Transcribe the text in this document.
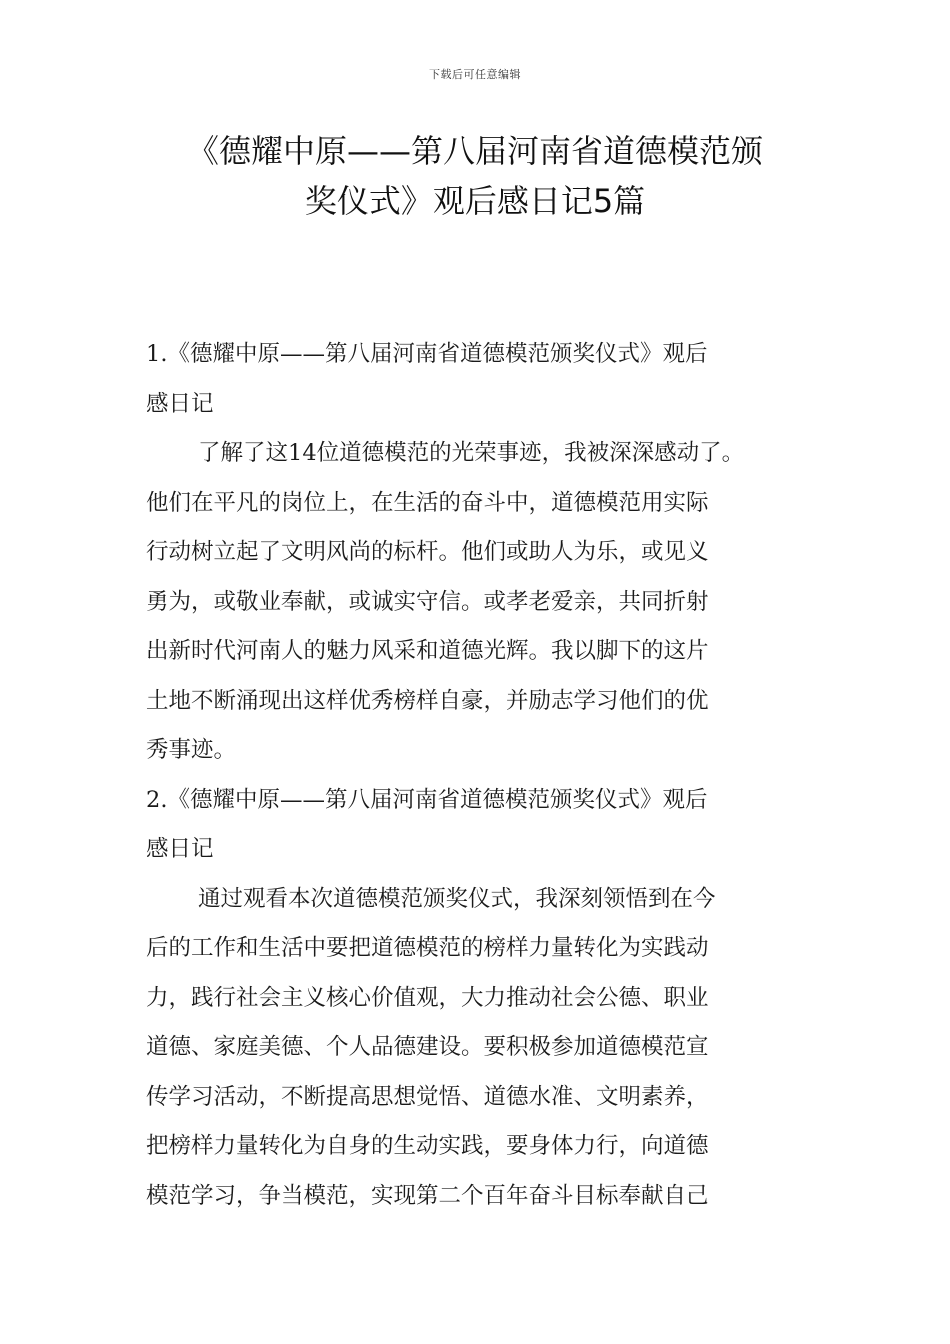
下载后可任意编辑
《德耀中原——第八届河南省道德模范颁
奖仪式》观后感日记5篇
1.《德耀中原——第八届河南省道德模范颁奖仪式》观后
感日记
了解了这14位道德模范的光荣事迹，我被深深感动了。
他们在平凡的岗位上，在生活的奋斗中，道德模范用实际
行动树立起了文明风尚的标杆。他们或助人为乐，或见义
勇为，或敬业奉献，或诚实守信。或孝老爱亲，共同折射
出新时代河南人的魅力风采和道德光辉。我以脚下的这片
土地不断涌现出这样优秀榜样自豪，并励志学习他们的优
秀事迹。
2.《德耀中原——第八届河南省道德模范颁奖仪式》观后
感日记
通过观看本次道德模范颁奖仪式，我深刻领悟到在今
后的工作和生活中要把道德模范的榜样力量转化为实践动
力，践行社会主义核心价值观，大力推动社会公德、职业
道德、家庭美德、个人品德建设。要积极参加道德模范宣
传学习活动，不断提高思想觉悟、道德水准、文明素养，
把榜样力量转化为自身的生动实践，要身体力行，向道德
模范学习，争当模范，实现第二个百年奋斗目标奉献自己
